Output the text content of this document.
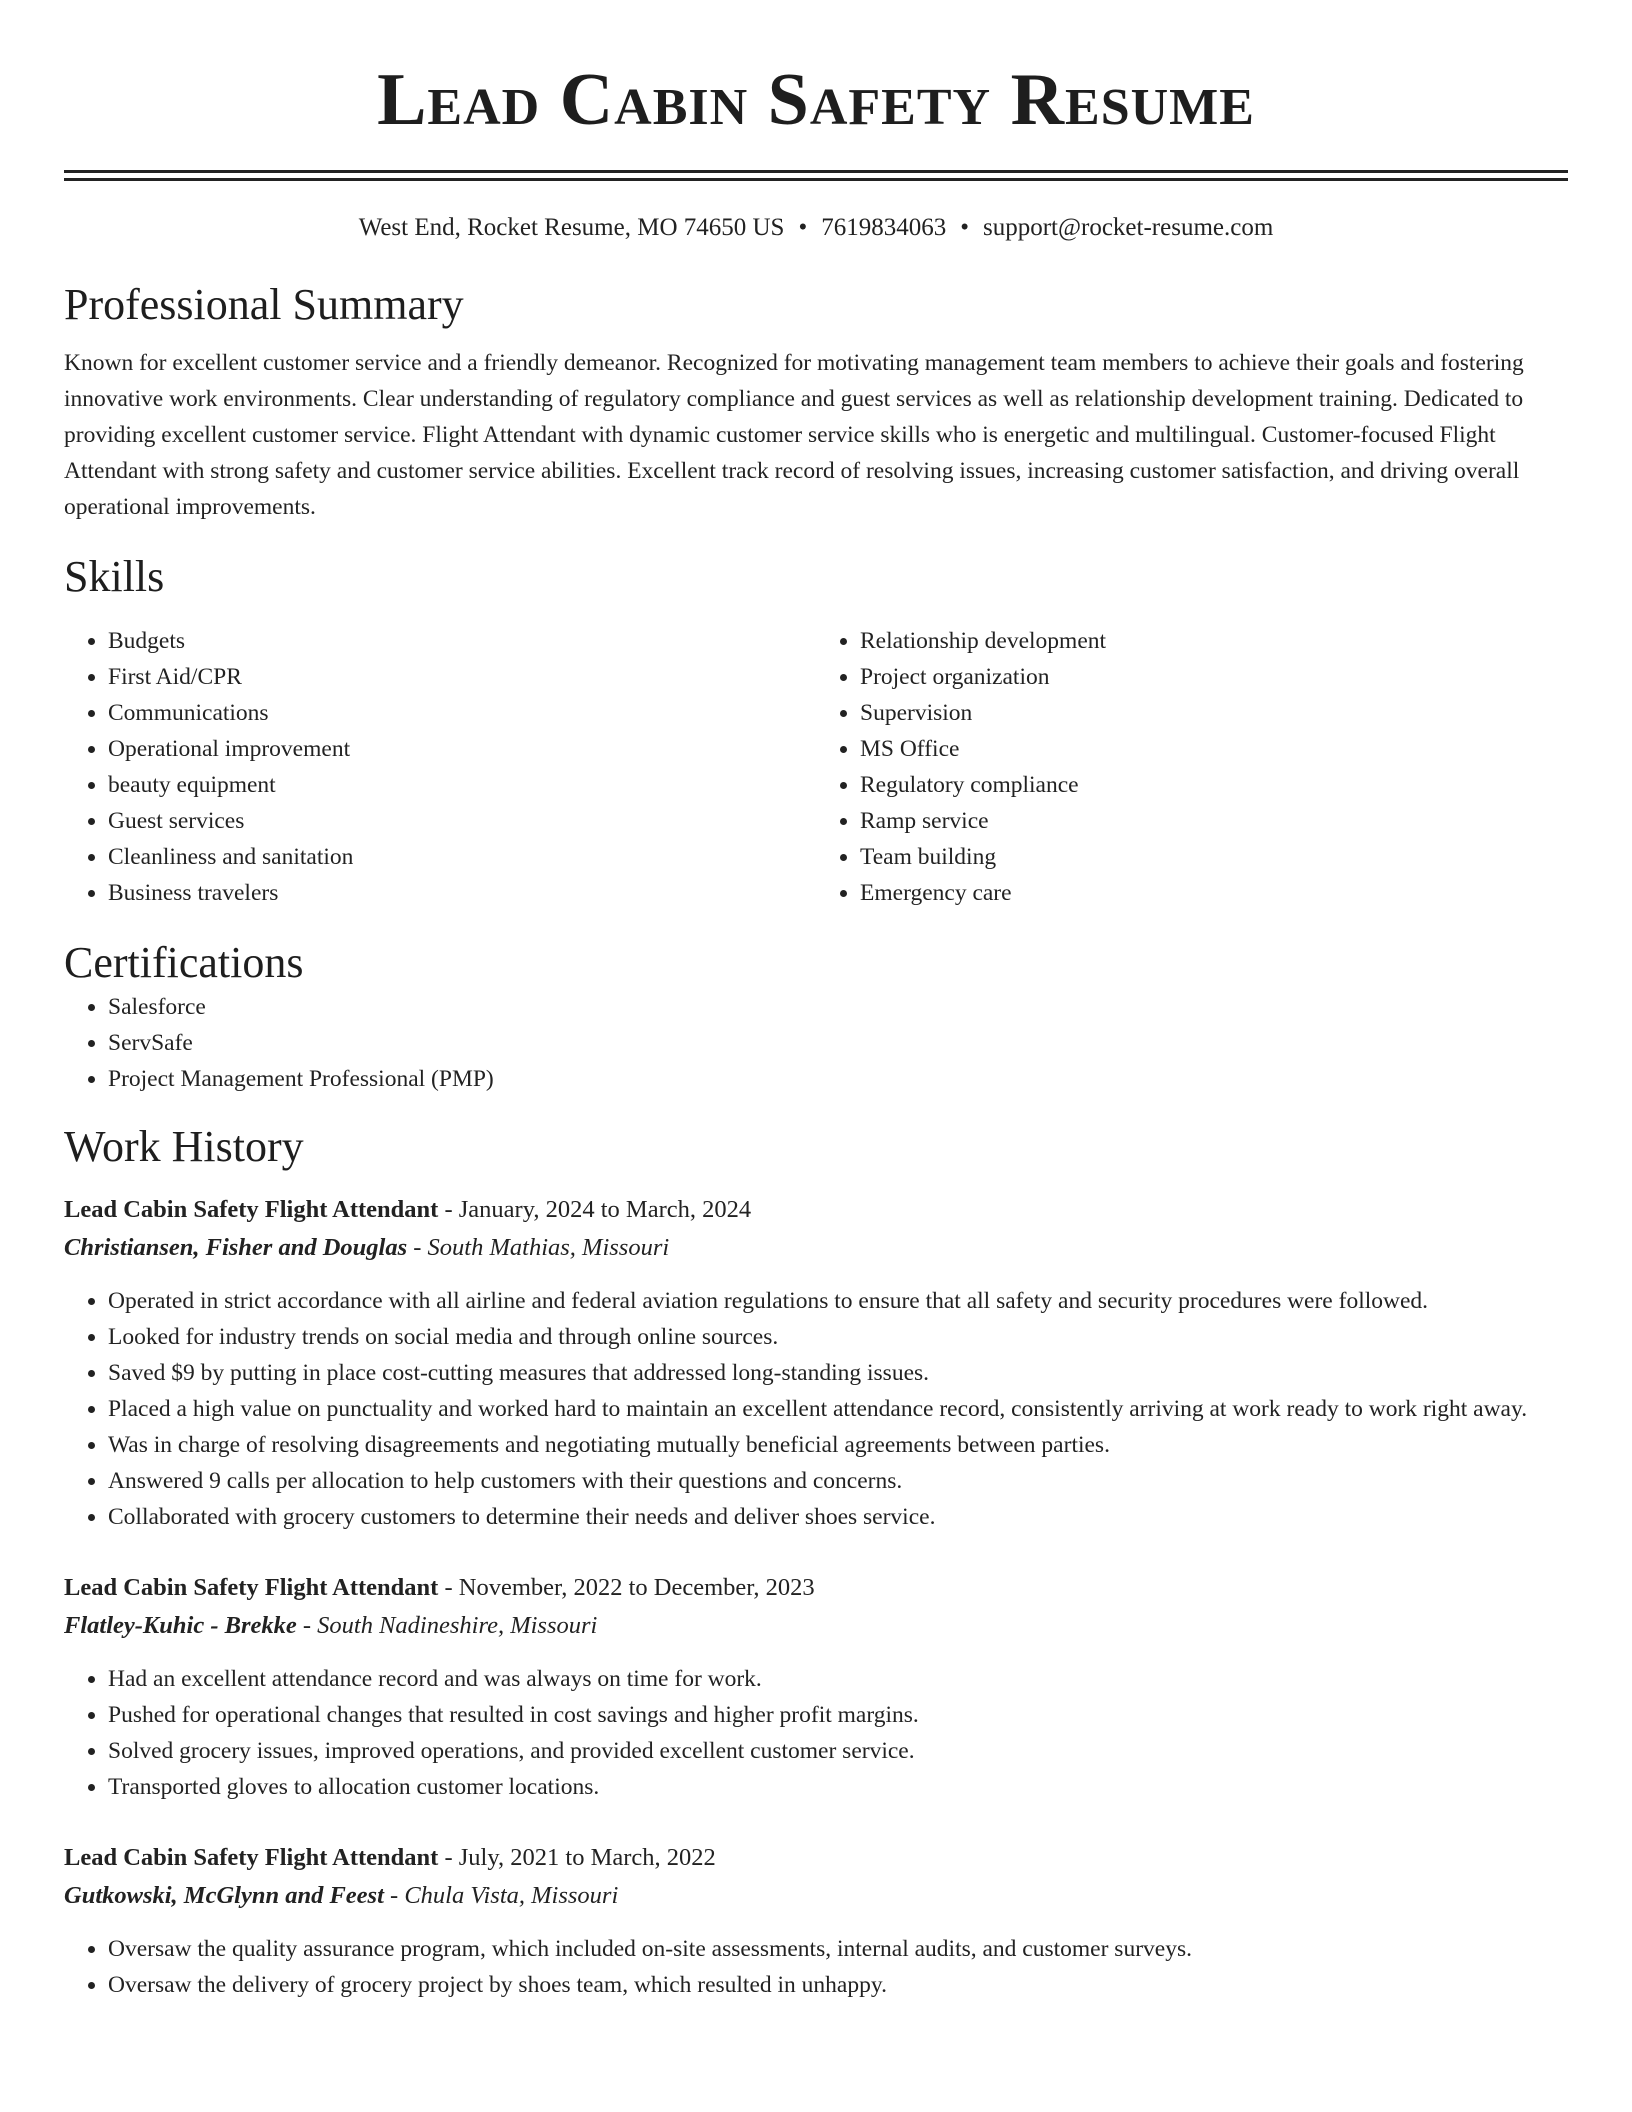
Lead Cabin Safety Resume
West End, Rocket Resume, MO 74650 US • 7619834063 • support@rocket-resume.com
Professional Summary

Known for excellent customer service and a friendly demeanor. Recognized for motivating management team members to achieve their goals and fostering innovative work environments. Clear understanding of regulatory compliance and guest services as well as relationship development training. Dedicated to providing excellent customer service. Flight Attendant with dynamic customer service skills who is energetic and multilingual. Customer-focused Flight Attendant with strong safety and customer service abilities. Excellent track record of resolving issues, increasing customer satisfaction, and driving overall operational improvements.

Skills
• Budgets
• First Aid/CPR
• Communications
• Operational improvement
• beauty equipment
• Guest services
• Cleanliness and sanitation
• Business travelers
• Relationship development
• Project organization
• Supervision
• MS Office
• Regulatory compliance
• Ramp service
• Team building
• Emergency care
Certifications
• Salesforce
• ServSafe
• Project Management Professional (PMP)
Work History
Lead Cabin Safety Flight Attendant - January, 2024 to March, 2024
Christiansen, Fisher and Douglas - South Mathias, Missouri
• Operated in strict accordance with all airline and federal aviation regulations to ensure that all safety and security procedures were followed.
• Looked for industry trends on social media and through online sources.
• Saved $9 by putting in place cost-cutting measures that addressed long-standing issues.
• Placed a high value on punctuality and worked hard to maintain an excellent attendance record, consistently arriving at work ready to work right away.
• Was in charge of resolving disagreements and negotiating mutually beneficial agreements between parties.
• Answered 9 calls per allocation to help customers with their questions and concerns.
• Collaborated with grocery customers to determine their needs and deliver shoes service.
Lead Cabin Safety Flight Attendant - November, 2022 to December, 2023
Flatley-Kuhic - Brekke - South Nadineshire, Missouri
• Had an excellent attendance record and was always on time for work.
• Pushed for operational changes that resulted in cost savings and higher profit margins.
• Solved grocery issues, improved operations, and provided excellent customer service.
• Transported gloves to allocation customer locations.
Lead Cabin Safety Flight Attendant - July, 2021 to March, 2022
Gutkowski, McGlynn and Feest - Chula Vista, Missouri
• Oversaw the quality assurance program, which included on-site assessments, internal audits, and customer surveys.
• Oversaw the delivery of grocery project by shoes team, which resulted in unhappy.
